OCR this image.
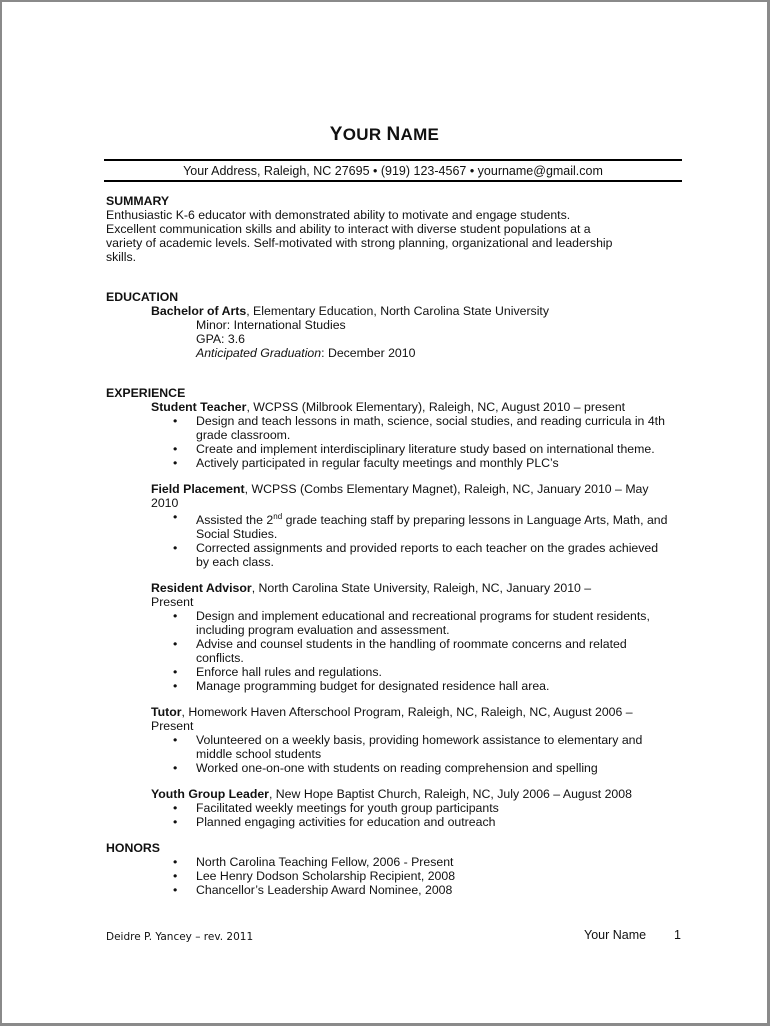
YOUR NAME
Your Address, Raleigh, NC 27695 • (919) 123-4567 • yourname@gmail.com

SUMMARY

Enthusiastic K-6 educator with demonstrated ability to motivate and engage students.

Excellent communication skills and ability to interact with diverse student populations at a

variety of academic levels. Self-motivated with strong planning, organizational and leadership

skills.

EDUCATION

Bachelor of Arts, Elementary Education, North Carolina State University
Minor: International Studies
GPA: 3.6
Anticipated Graduation: December 2010

EXPERIENCE

Student Teacher, WCPSS (Milbrook Elementary), Raleigh, NC, August 2010 – present
• Design and teach lessons in math, science, social studies, and reading curricula in 4th
grade classroom.
• Create and implement interdisciplinary literature study based on international theme.
• Actively participated in regular faculty meetings and monthly PLC’s
Field Placement, WCPSS (Combs Elementary Magnet), Raleigh, NC, January 2010 – May
2010
• Assisted the 2nd grade teaching staff by preparing lessons in Language Arts, Math, and
Social Studies.
• Corrected assignments and provided reports to each teacher on the grades achieved
by each class.
Resident Advisor, North Carolina State University, Raleigh, NC, January 2010 –
Present
• Design and implement educational and recreational programs for student residents,
including program evaluation and assessment.
• Advise and counsel students in the handling of roommate concerns and related
conflicts.
• Enforce hall rules and regulations.
• Manage programming budget for designated residence hall area.
Tutor, Homework Haven Afterschool Program, Raleigh, NC, Raleigh, NC, August 2006 –
Present
• Volunteered on a weekly basis, providing homework assistance to elementary and
middle school students
• Worked one-on-one with students on reading comprehension and spelling
Youth Group Leader, New Hope Baptist Church, Raleigh, NC, July 2006 – August 2008
• Facilitated weekly meetings for youth group participants
• Planned engaging activities for education and outreach

HONORS

• North Carolina Teaching Fellow, 2006 - Present
• Lee Henry Dodson Scholarship Recipient, 2008
• Chancellor’s Leadership Award Nominee, 2008
Deidre P. Yancey – rev. 2011	Your Name 1
